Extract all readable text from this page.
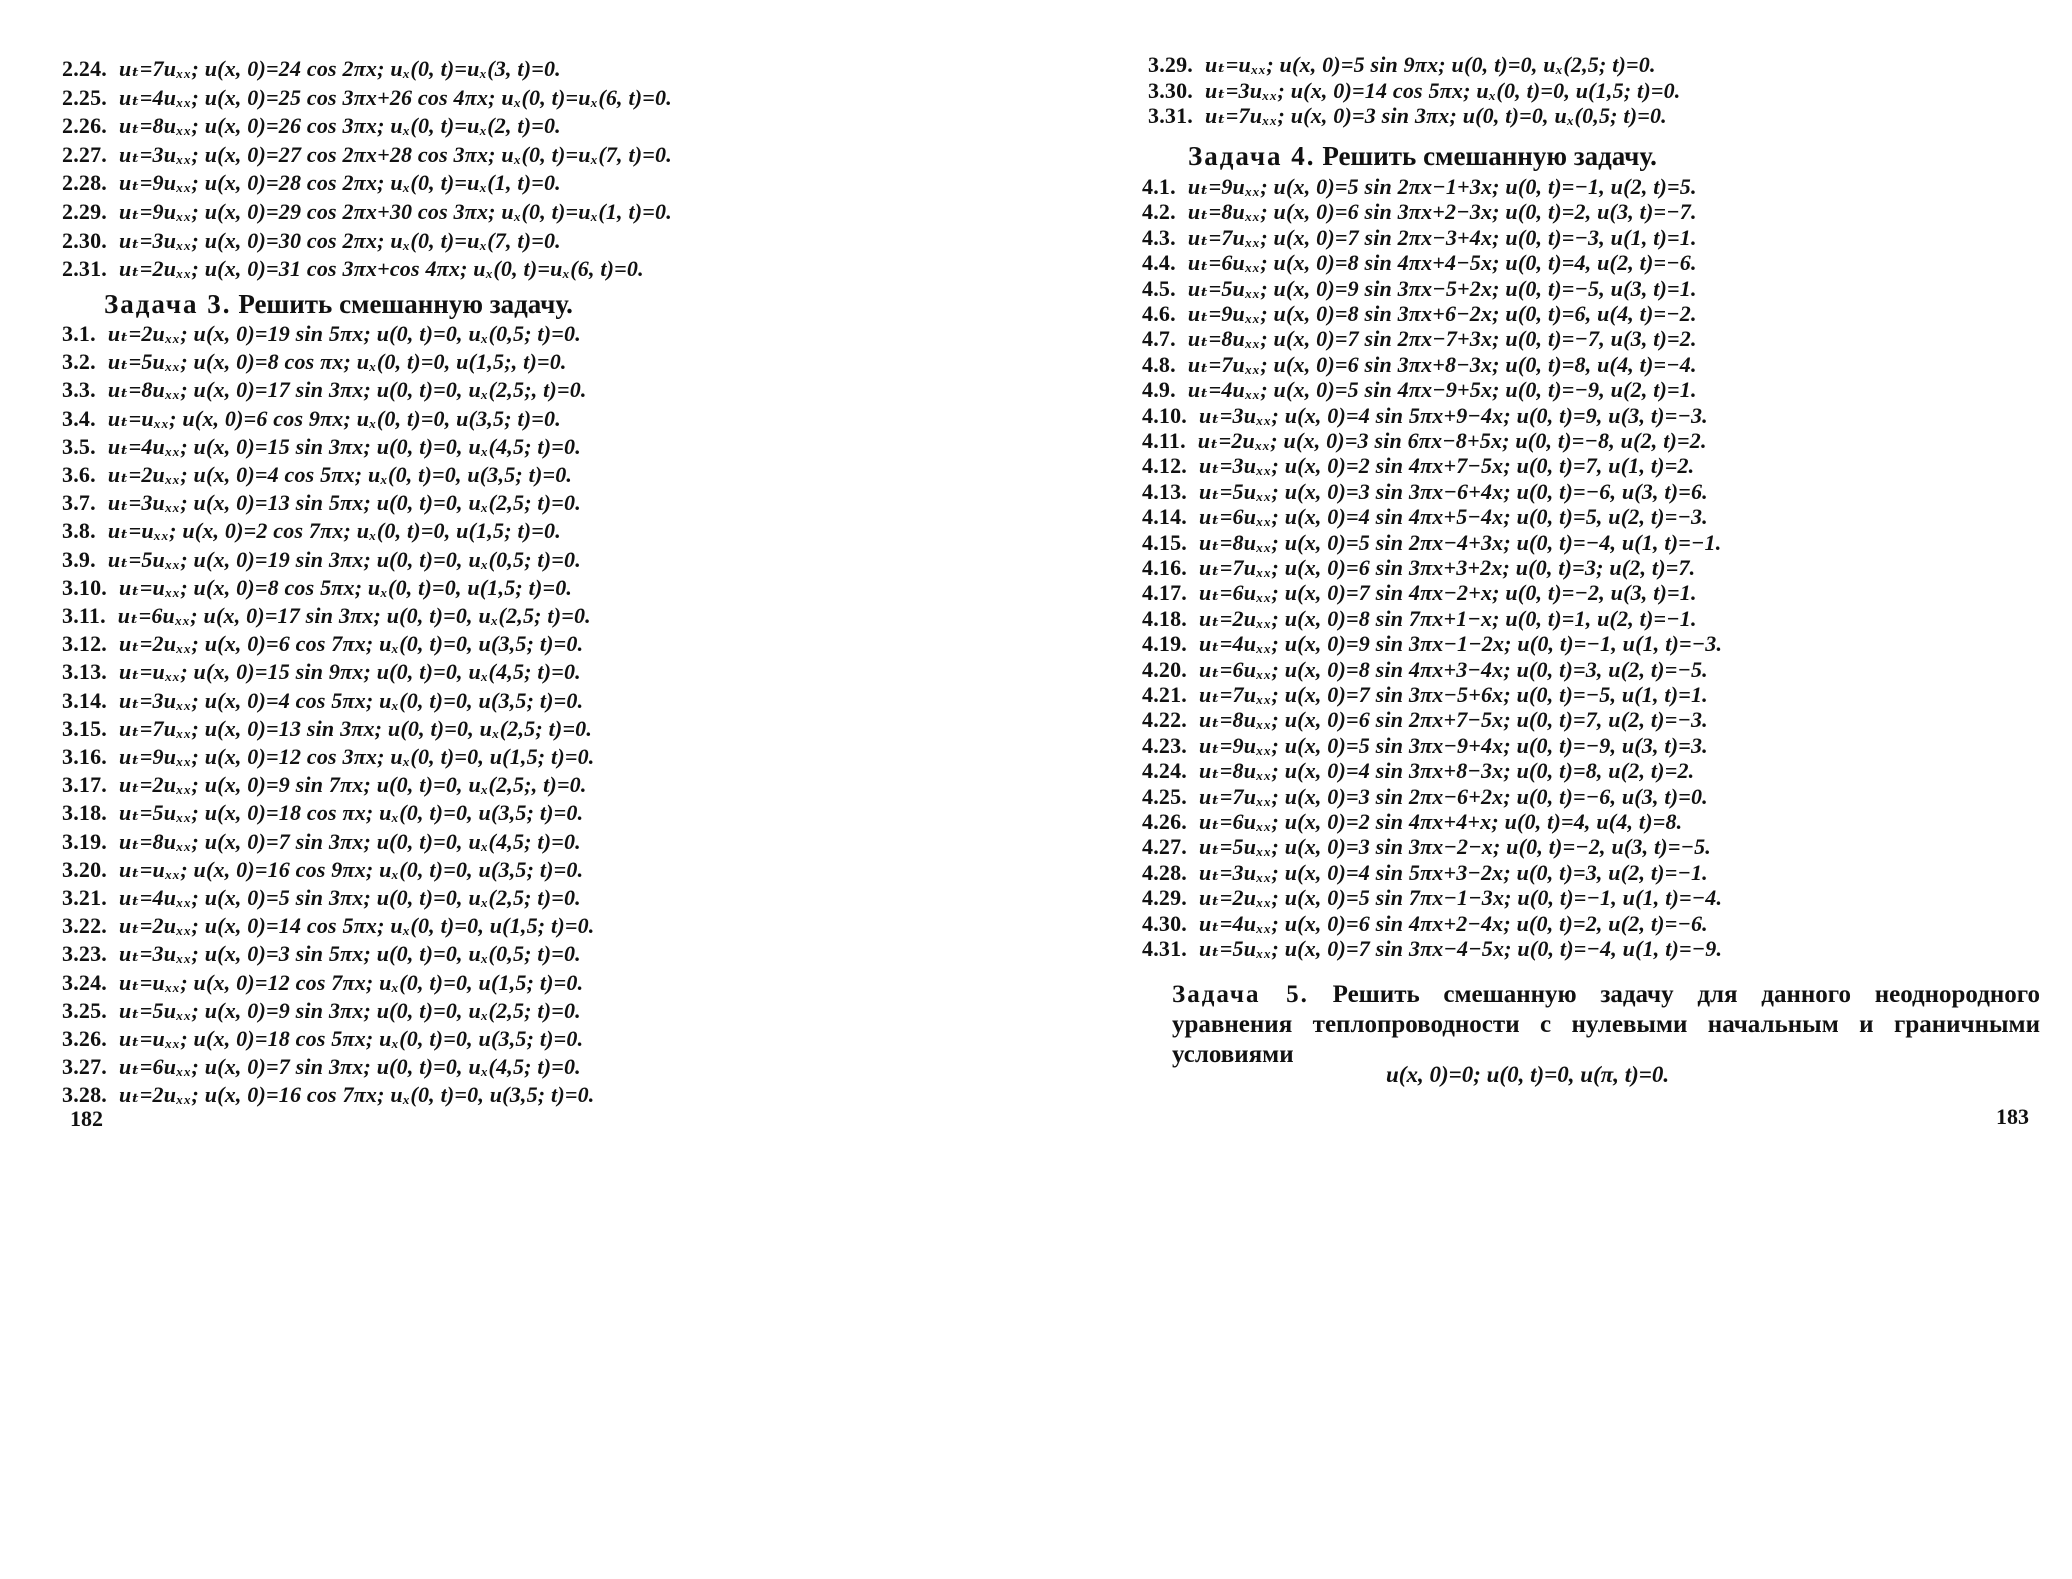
2.24. uₜ=7uₓₓ; u(x, 0)=24 cos 2πx; uₓ(0, t)=uₓ(3, t)=0.
2.25. uₜ=4uₓₓ; u(x, 0)=25 cos 3πx+26 cos 4πx; uₓ(0, t)=uₓ(6, t)=0.
2.26. uₜ=8uₓₓ; u(x, 0)=26 cos 3πx; uₓ(0, t)=uₓ(2, t)=0.
2.27. uₜ=3uₓₓ; u(x, 0)=27 cos 2πx+28 cos 3πx; uₓ(0, t)=uₓ(7, t)=0.
2.28. uₜ=9uₓₓ; u(x, 0)=28 cos 2πx; uₓ(0, t)=uₓ(1, t)=0.
2.29. uₜ=9uₓₓ; u(x, 0)=29 cos 2πx+30 cos 3πx; uₓ(0, t)=uₓ(1, t)=0.
2.30. uₜ=3uₓₓ; u(x, 0)=30 cos 2πx; uₓ(0, t)=uₓ(7, t)=0.
2.31. uₜ=2uₓₓ; u(x, 0)=31 cos 3πx+cos 4πx; uₓ(0, t)=uₓ(6, t)=0.
Задача 3. Решить смешанную задачу.
3.1. uₜ=2uₓₓ; u(x, 0)=19 sin 5πx; u(0, t)=0, uₓ(0,5; t)=0.
3.2. uₜ=5uₓₓ; u(x, 0)=8 cos πx; uₓ(0, t)=0, u(1,5;, t)=0.
3.3. uₜ=8uₓₓ; u(x, 0)=17 sin 3πx; u(0, t)=0, uₓ(2,5;, t)=0.
3.4. uₜ=uₓₓ; u(x, 0)=6 cos 9πx; uₓ(0, t)=0, u(3,5; t)=0.
3.5. uₜ=4uₓₓ; u(x, 0)=15 sin 3πx; u(0, t)=0, uₓ(4,5; t)=0.
3.6. uₜ=2uₓₓ; u(x, 0)=4 cos 5πx; uₓ(0, t)=0, u(3,5; t)=0.
3.7. uₜ=3uₓₓ; u(x, 0)=13 sin 5πx; u(0, t)=0, uₓ(2,5; t)=0.
3.8. uₜ=uₓₓ; u(x, 0)=2 cos 7πx; uₓ(0, t)=0, u(1,5; t)=0.
3.9. uₜ=5uₓₓ; u(x, 0)=19 sin 3πx; u(0, t)=0, uₓ(0,5; t)=0.
3.10. uₜ=uₓₓ; u(x, 0)=8 cos 5πx; uₓ(0, t)=0, u(1,5; t)=0.
3.11. uₜ=6uₓₓ; u(x, 0)=17 sin 3πx; u(0, t)=0, uₓ(2,5; t)=0.
3.12. uₜ=2uₓₓ; u(x, 0)=6 cos 7πx; uₓ(0, t)=0, u(3,5; t)=0.
3.13. uₜ=uₓₓ; u(x, 0)=15 sin 9πx; u(0, t)=0, uₓ(4,5; t)=0.
3.14. uₜ=3uₓₓ; u(x, 0)=4 cos 5πx; uₓ(0, t)=0, u(3,5; t)=0.
3.15. uₜ=7uₓₓ; u(x, 0)=13 sin 3πx; u(0, t)=0, uₓ(2,5; t)=0.
3.16. uₜ=9uₓₓ; u(x, 0)=12 cos 3πx; uₓ(0, t)=0, u(1,5; t)=0.
3.17. uₜ=2uₓₓ; u(x, 0)=9 sin 7πx; u(0, t)=0, uₓ(2,5;, t)=0.
3.18. uₜ=5uₓₓ; u(x, 0)=18 cos πx; uₓ(0, t)=0, u(3,5; t)=0.
3.19. uₜ=8uₓₓ; u(x, 0)=7 sin 3πx; u(0, t)=0, uₓ(4,5; t)=0.
3.20. uₜ=uₓₓ; u(x, 0)=16 cos 9πx; uₓ(0, t)=0, u(3,5; t)=0.
3.21. uₜ=4uₓₓ; u(x, 0)=5 sin 3πx; u(0, t)=0, uₓ(2,5; t)=0.
3.22. uₜ=2uₓₓ; u(x, 0)=14 cos 5πx; uₓ(0, t)=0, u(1,5; t)=0.
3.23. uₜ=3uₓₓ; u(x, 0)=3 sin 5πx; u(0, t)=0, uₓ(0,5; t)=0.
3.24. uₜ=uₓₓ; u(x, 0)=12 cos 7πx; uₓ(0, t)=0, u(1,5; t)=0.
3.25. uₜ=5uₓₓ; u(x, 0)=9 sin 3πx; u(0, t)=0, uₓ(2,5; t)=0.
3.26. uₜ=uₓₓ; u(x, 0)=18 cos 5πx; uₓ(0, t)=0, u(3,5; t)=0.
3.27. uₜ=6uₓₓ; u(x, 0)=7 sin 3πx; u(0, t)=0, uₓ(4,5; t)=0.
3.28. uₜ=2uₓₓ; u(x, 0)=16 cos 7πx; uₓ(0, t)=0, u(3,5; t)=0.
182
3.29. uₜ=uₓₓ; u(x, 0)=5 sin 9πx; u(0, t)=0, uₓ(2,5; t)=0.
3.30. uₜ=3uₓₓ; u(x, 0)=14 cos 5πx; uₓ(0, t)=0, u(1,5; t)=0.
3.31. uₜ=7uₓₓ; u(x, 0)=3 sin 3πx; u(0, t)=0, uₓ(0,5; t)=0.
Задача 4. Решить смешанную задачу.
4.1. uₜ=9uₓₓ; u(x, 0)=5 sin 2πx−1+3x; u(0, t)=−1, u(2, t)=5.
4.2. uₜ=8uₓₓ; u(x, 0)=6 sin 3πx+2−3x; u(0, t)=2, u(3, t)=−7.
4.3. uₜ=7uₓₓ; u(x, 0)=7 sin 2πx−3+4x; u(0, t)=−3, u(1, t)=1.
4.4. uₜ=6uₓₓ; u(x, 0)=8 sin 4πx+4−5x; u(0, t)=4, u(2, t)=−6.
4.5. uₜ=5uₓₓ; u(x, 0)=9 sin 3πx−5+2x; u(0, t)=−5, u(3, t)=1.
4.6. uₜ=9uₓₓ; u(x, 0)=8 sin 3πx+6−2x; u(0, t)=6, u(4, t)=−2.
4.7. uₜ=8uₓₓ; u(x, 0)=7 sin 2πx−7+3x; u(0, t)=−7, u(3, t)=2.
4.8. uₜ=7uₓₓ; u(x, 0)=6 sin 3πx+8−3x; u(0, t)=8, u(4, t)=−4.
4.9. uₜ=4uₓₓ; u(x, 0)=5 sin 4πx−9+5x; u(0, t)=−9, u(2, t)=1.
4.10. uₜ=3uₓₓ; u(x, 0)=4 sin 5πx+9−4x; u(0, t)=9, u(3, t)=−3.
4.11. uₜ=2uₓₓ; u(x, 0)=3 sin 6πx−8+5x; u(0, t)=−8, u(2, t)=2.
4.12. uₜ=3uₓₓ; u(x, 0)=2 sin 4πx+7−5x; u(0, t)=7, u(1, t)=2.
4.13. uₜ=5uₓₓ; u(x, 0)=3 sin 3πx−6+4x; u(0, t)=−6, u(3, t)=6.
4.14. uₜ=6uₓₓ; u(x, 0)=4 sin 4πx+5−4x; u(0, t)=5, u(2, t)=−3.
4.15. uₜ=8uₓₓ; u(x, 0)=5 sin 2πx−4+3x; u(0, t)=−4, u(1, t)=−1.
4.16. uₜ=7uₓₓ; u(x, 0)=6 sin 3πx+3+2x; u(0, t)=3; u(2, t)=7.
4.17. uₜ=6uₓₓ; u(x, 0)=7 sin 4πx−2+x; u(0, t)=−2, u(3, t)=1.
4.18. uₜ=2uₓₓ; u(x, 0)=8 sin 7πx+1−x; u(0, t)=1, u(2, t)=−1.
4.19. uₜ=4uₓₓ; u(x, 0)=9 sin 3πx−1−2x; u(0, t)=−1, u(1, t)=−3.
4.20. uₜ=6uₓₓ; u(x, 0)=8 sin 4πx+3−4x; u(0, t)=3, u(2, t)=−5.
4.21. uₜ=7uₓₓ; u(x, 0)=7 sin 3πx−5+6x; u(0, t)=−5, u(1, t)=1.
4.22. uₜ=8uₓₓ; u(x, 0)=6 sin 2πx+7−5x; u(0, t)=7, u(2, t)=−3.
4.23. uₜ=9uₓₓ; u(x, 0)=5 sin 3πx−9+4x; u(0, t)=−9, u(3, t)=3.
4.24. uₜ=8uₓₓ; u(x, 0)=4 sin 3πx+8−3x; u(0, t)=8, u(2, t)=2.
4.25. uₜ=7uₓₓ; u(x, 0)=3 sin 2πx−6+2x; u(0, t)=−6, u(3, t)=0.
4.26. uₜ=6uₓₓ; u(x, 0)=2 sin 4πx+4+x; u(0, t)=4, u(4, t)=8.
4.27. uₜ=5uₓₓ; u(x, 0)=3 sin 3πx−2−x; u(0, t)=−2, u(3, t)=−5.
4.28. uₜ=3uₓₓ; u(x, 0)=4 sin 5πx+3−2x; u(0, t)=3, u(2, t)=−1.
4.29. uₜ=2uₓₓ; u(x, 0)=5 sin 7πx−1−3x; u(0, t)=−1, u(1, t)=−4.
4.30. uₜ=4uₓₓ; u(x, 0)=6 sin 4πx+2−4x; u(0, t)=2, u(2, t)=−6.
4.31. uₜ=5uₓₓ; u(x, 0)=7 sin 3πx−4−5x; u(0, t)=−4, u(1, t)=−9.

Задача 5. Решить смешанную задачу для данного неоднородного уравнения теплопроводности с нулевыми начальным и граничными условиями

u(x, 0)=0; u(0, t)=0, u(π, t)=0.
183
